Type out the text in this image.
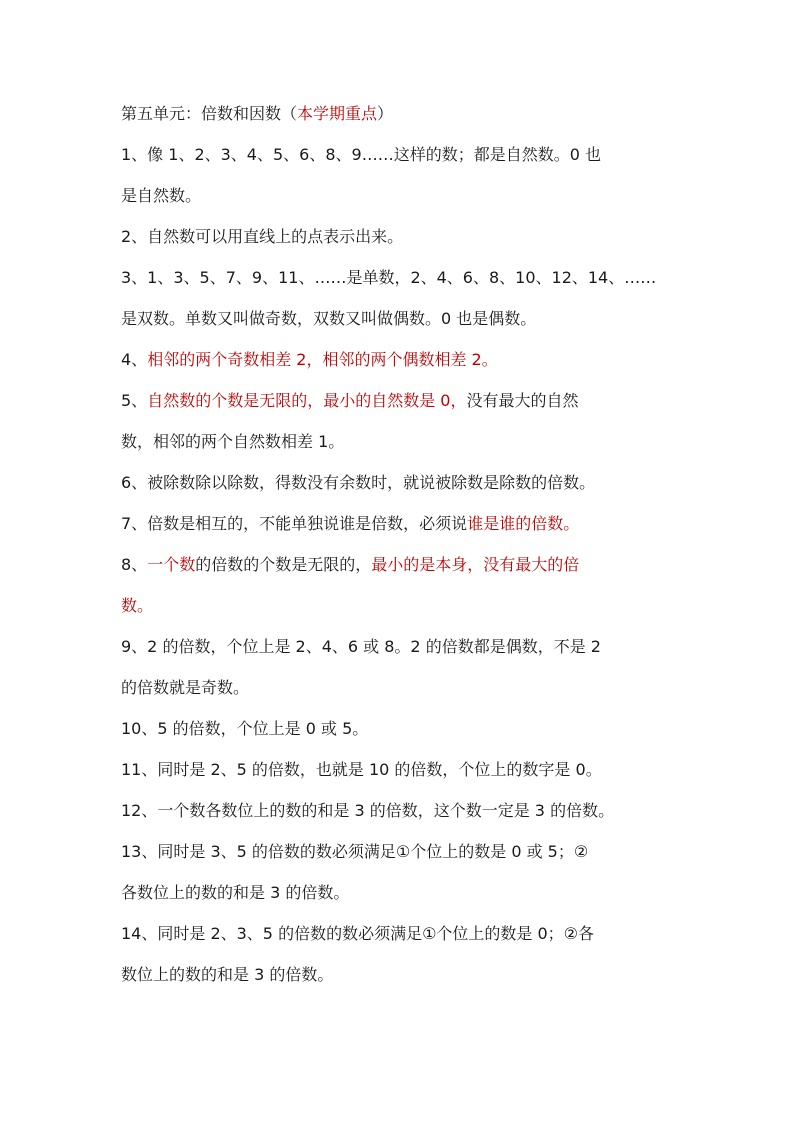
第五单元：倍数和因数（本学期重点）
1、像 1、2、3、4、5、6、8、9……这样的数；都是自然数。0 也
是自然数。
2、自然数可以用直线上的点表示出来。
3、1、3、5、7、9、11、……是单数，2、4、6、8、10、12、14、……
是双数。单数又叫做奇数，双数又叫做偶数。0 也是偶数。
4、相邻的两个奇数相差 2，相邻的两个偶数相差 2。
5、自然数的个数是无限的，最小的自然数是 0，没有最大的自然
数，相邻的两个自然数相差 1。
6、被除数除以除数，得数没有余数时，就说被除数是除数的倍数。
7、倍数是相互的，不能单独说谁是倍数，必须说谁是谁的倍数。
8、一个数的倍数的个数是无限的，最小的是本身，没有最大的倍
数。
9、2 的倍数，个位上是 2、4、6 或 8。2 的倍数都是偶数，不是 2
的倍数就是奇数。
10、5 的倍数，个位上是 0 或 5。
11、同时是 2、5 的倍数，也就是 10 的倍数，个位上的数字是 0。
12、一个数各数位上的数的和是 3 的倍数，这个数一定是 3 的倍数。
13、同时是 3、5 的倍数的数必须满足①个位上的数是 0 或 5；②
各数位上的数的和是 3 的倍数。
14、同时是 2、3、5 的倍数的数必须满足①个位上的数是 0；②各
数位上的数的和是 3 的倍数。
